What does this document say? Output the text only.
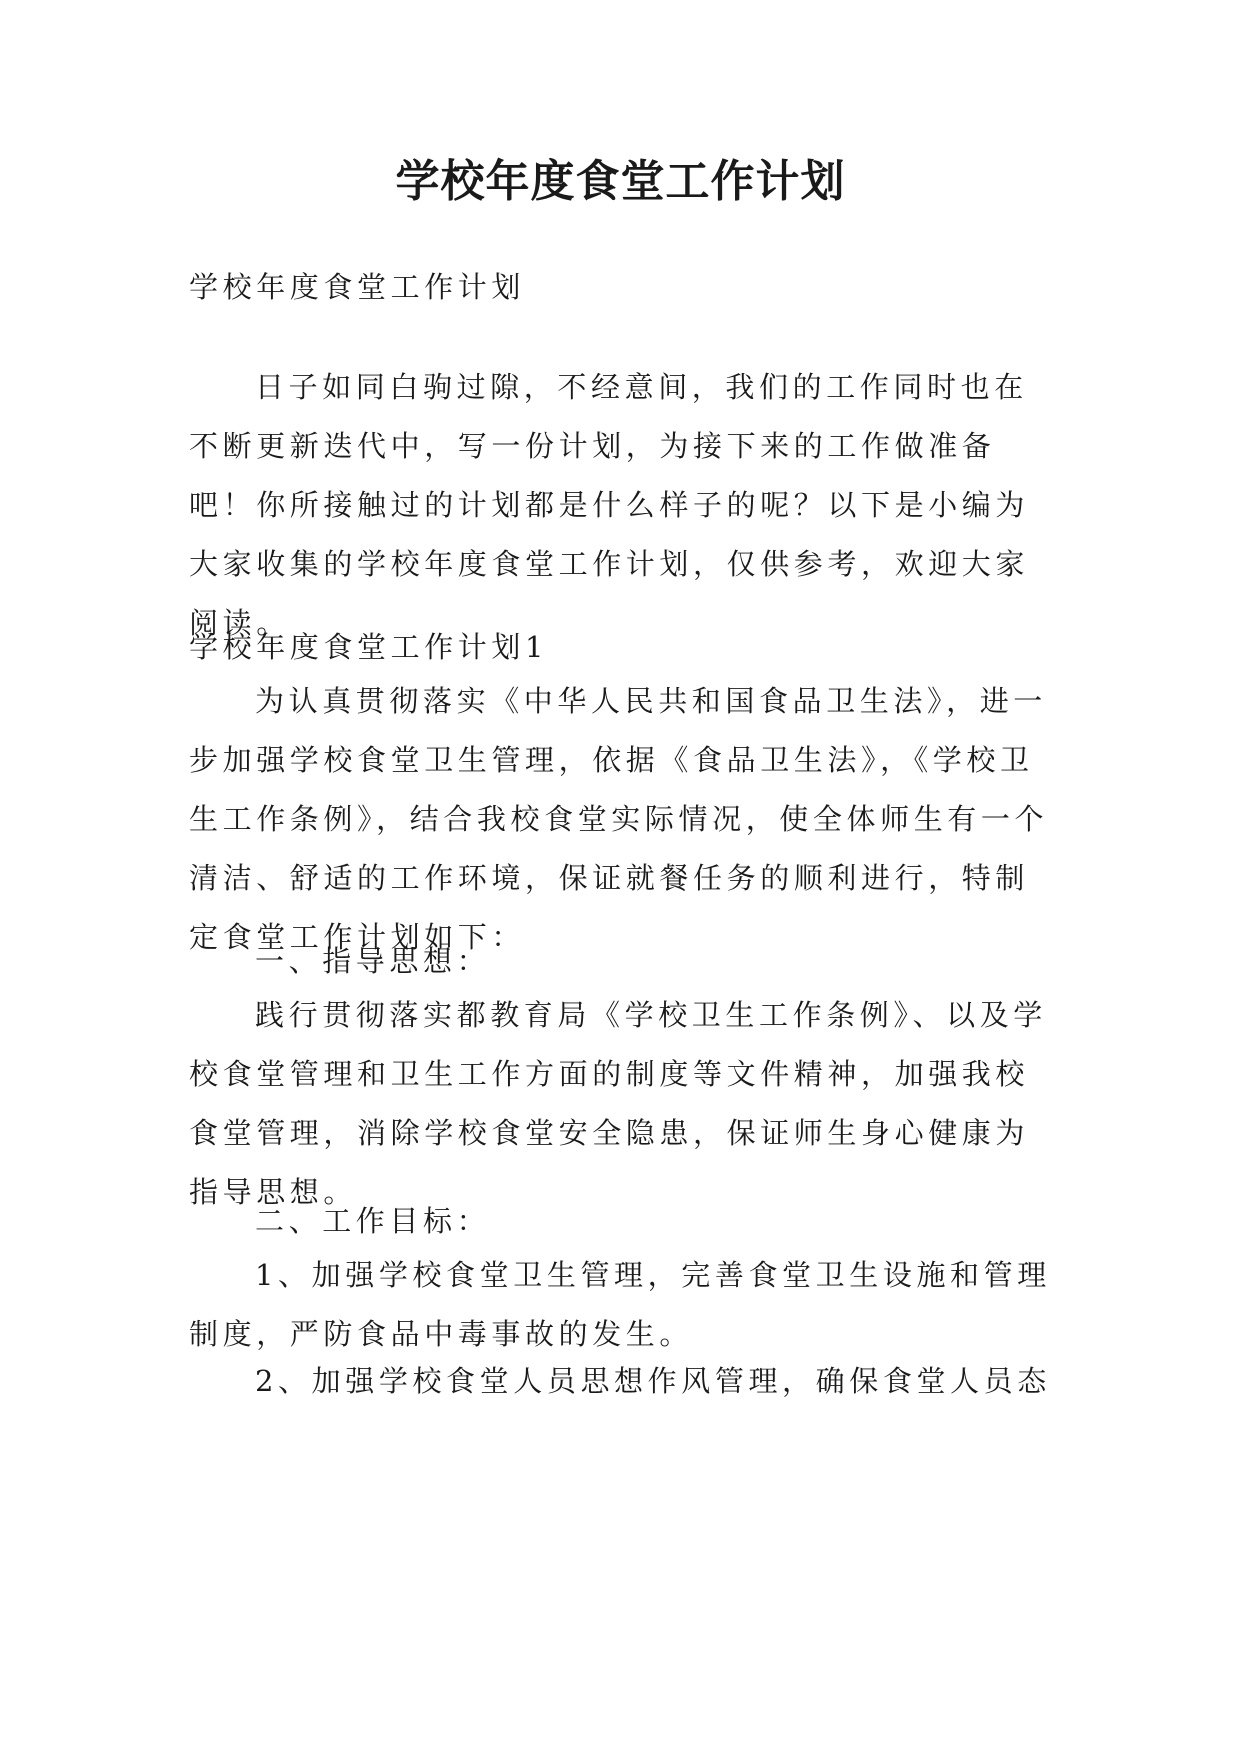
学校年度食堂工作计划

学校年度食堂工作计划

日子如同白驹过隙，不经意间，我们的工作同时也在不断更新迭代中，写一份计划，为接下来的工作做准备吧！你所接触过的计划都是什么样子的呢？以下是小编为大家收集的学校年度食堂工作计划，仅供参考，欢迎大家阅读。

学校年度食堂工作计划1

为认真贯彻落实《中华人民共和国食品卫生法》，进一步加强学校食堂卫生管理，依据《食品卫生法》，《学校卫生工作条例》，结合我校食堂实际情况，使全体师生有一个清洁、舒适的工作环境，保证就餐任务的顺利进行，特制定食堂工作计划如下：

一、指导思想：

践行贯彻落实都教育局《学校卫生工作条例》、以及学校食堂管理和卫生工作方面的制度等文件精神，加强我校食堂管理，消除学校食堂安全隐患，保证师生身心健康为指导思想。

二、工作目标：

1、加强学校食堂卫生管理，完善食堂卫生设施和管理制度，严防食品中毒事故的发生。

2、加强学校食堂人员思想作风管理，确保食堂人员态
